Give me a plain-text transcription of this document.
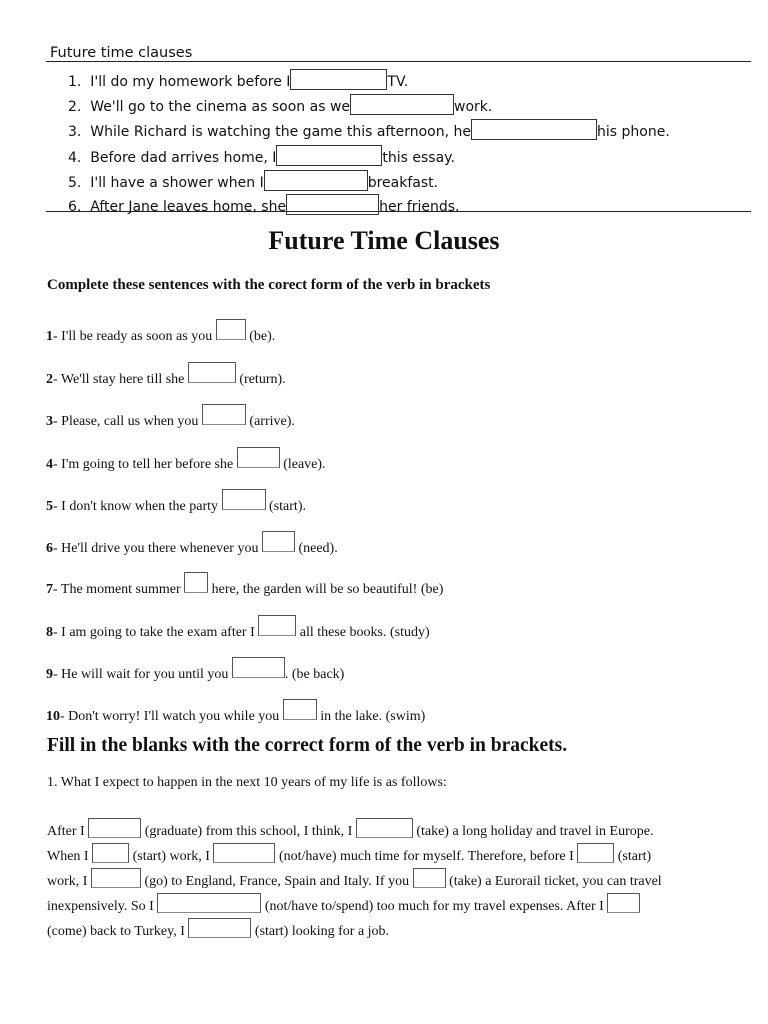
Future time clauses
1. I'll do my homework before I	TV.
2. We'll go to the cinema as soon as we	work.
3. While Richard is watching the game this afternoon, he	his phone.
4. Before dad arrives home, I	this essay.
5. I'll have a shower when I	breakfast.
6. After Jane leaves home, she	her friends.
Future Time Clauses
Complete these sentences with the corect form of the verb in brackets
1- I'll be ready as soon as you	(be).
2- We'll stay here till she	(return).
3- Please, call us when you	(arrive).
4- I'm going to tell her before she	(leave).
5- I don't know when the party	(start).
6- He'll drive you there whenever you	(need).
7- The moment summer here, the garden will be so beautiful! (be)
8- I am going to take the exam after I	all these books. (study)
9- He will wait for you until you	. (be back)
10- Don't worry! I'll watch you while you	in the lake. (swim)
Fill in the blanks with the correct form of the verb in brackets.
1. What I expect to happen in the next 10 years of my life is as follows:
After I	(graduate) from this school, I think, I	(take) a long holiday and travel in Europe.
When I	(start) work, I	(not/have) much time for myself. Therefore, before I	(start)
work, I	(go) to England, France, Spain and Italy. If you	(take) a Eurorail ticket, you can travel
inexpensively. So I	(not/have to/spend) too much for my travel expenses. After I
(come) back to Turkey, I	(start) looking for a job.
